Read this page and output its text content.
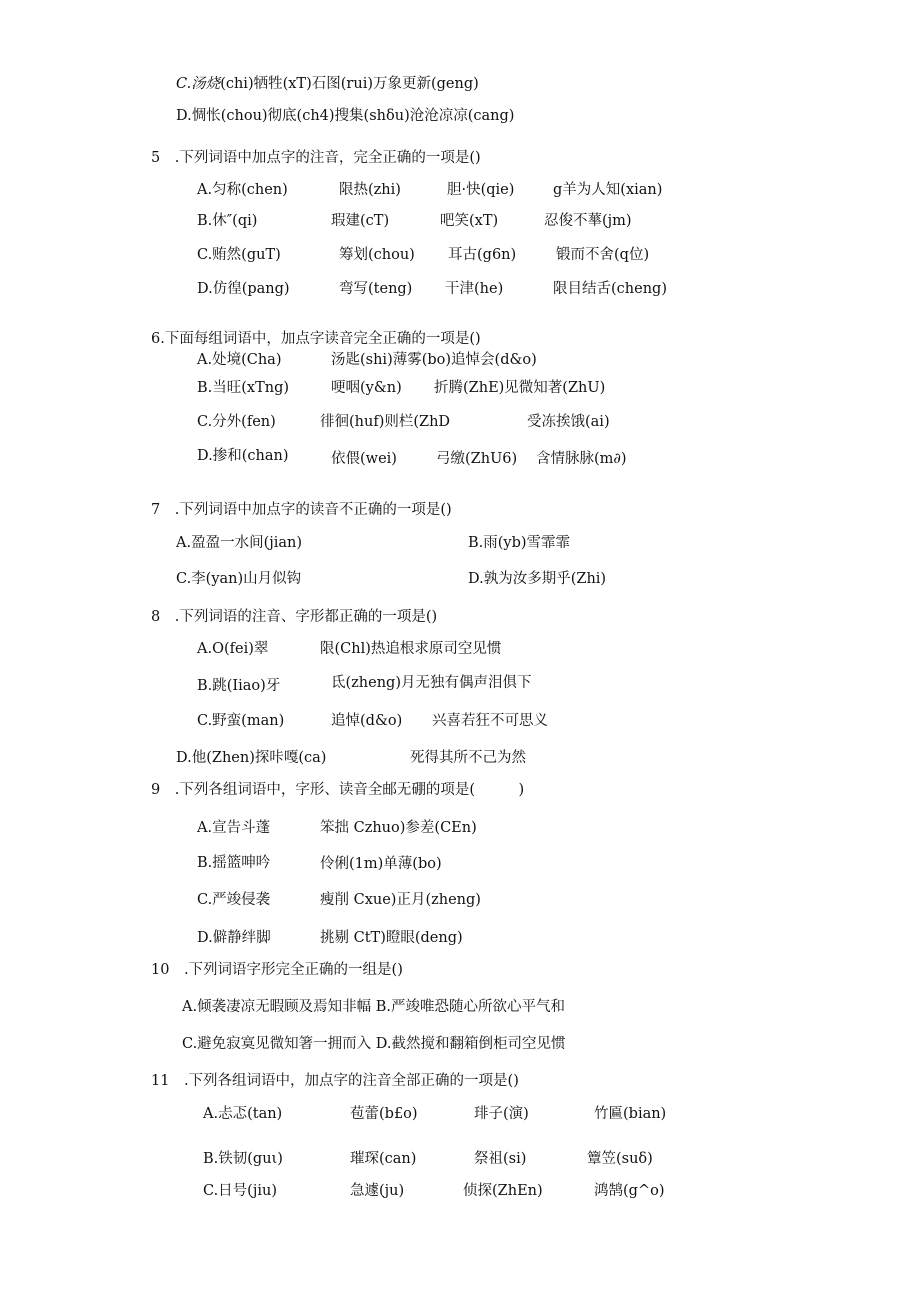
C.汤烧(chi)牺牲(xT)石图(rui)万象更新(geng)
D.惆怅(chou)彻底(ch4)搜集(shδu)沧沧凉凉(cang)
5　.下列词语中加点字的注音，完全正确的一项是()
A.匀称(chen)	限热(zhi)	胆·快(qie)	g羊为人知(xian)
B.休″(qi)	瑕建(cT)	吧笑(xT)	忍俊不蕐(jm)
C.贿然(guT)	筹划(chou) 耳古(g6n)	锻而不舍(q位)
D.仿徨(pang)	弯写(teng) 干津(he)	限目结舌(cheng)
6.下面每组词语中，加点字读音完全正确的一项是()
A.处境(Cha)	汤匙(shi)薄雾(bo)追悼会(d&o)
B.当旺(xTng)	哽咽(y&n) 折腾(ZhE)见微知著(ZhU)
C.分外(fen)	徘徊(huf)则栏(ZhD	受冻挨饿(ai)
D.掺和(chan)	依偎(wei)	弓缴(ZhU6) 含情脉脉(m∂)
7　.下列词语中加点字的读音不正确的一项是()
A.盈盈一水间(jian)	B.雨(yb)雪霏霏
C.李(yan)山月似钩	D.孰为汝多期乎(Zhi)
8　.下列词语的注音、字形都正确的一项是()
A.O(fei)翠	限(Chl)热追根求原司空见惯
B.跳(Iiao)牙	氐(zheng)月无独有偶声泪俱下
C.野蛮(man)	追悼(d&o) 兴喜若狂不可思义
D.他(Zhen)探咔嘎(ca)	死得其所不己为然
9　.下列各组词语中，字形、读音全邮无硼的项是(　　　)
A.宣告斗蓬	笨拙 Czhuo)参差(CEn)
B.摇篮呻吟	伶俐(1m)单薄(bo)
C.严竣侵袭	瘦削 Cxue)正月(zheng)
D.僻静绊脚	挑剔 CtT)瞪眼(deng)
10　.下列词语字形完全正确的一组是()
A.倾袭凄凉无暇顾及焉知非幅 B.严竣唯恐随心所欲心平气和
C.避免寂寞见微知箸一拥而入 D.截然搅和翻箱倒柜司空见惯
11　.下列各组词语中，加点字的注音全部正确的一项是()
A.忐忑(tan)	苞蕾(b£o)	琲子(演)	竹匾(bian)
B.铁韧(guι)	璀琛(can)	祭祖(si)	簟笠(suδ)
C.日号(jiu)	急遽(ju)	侦探(ZhEn)	鸿鹄(g^o)
